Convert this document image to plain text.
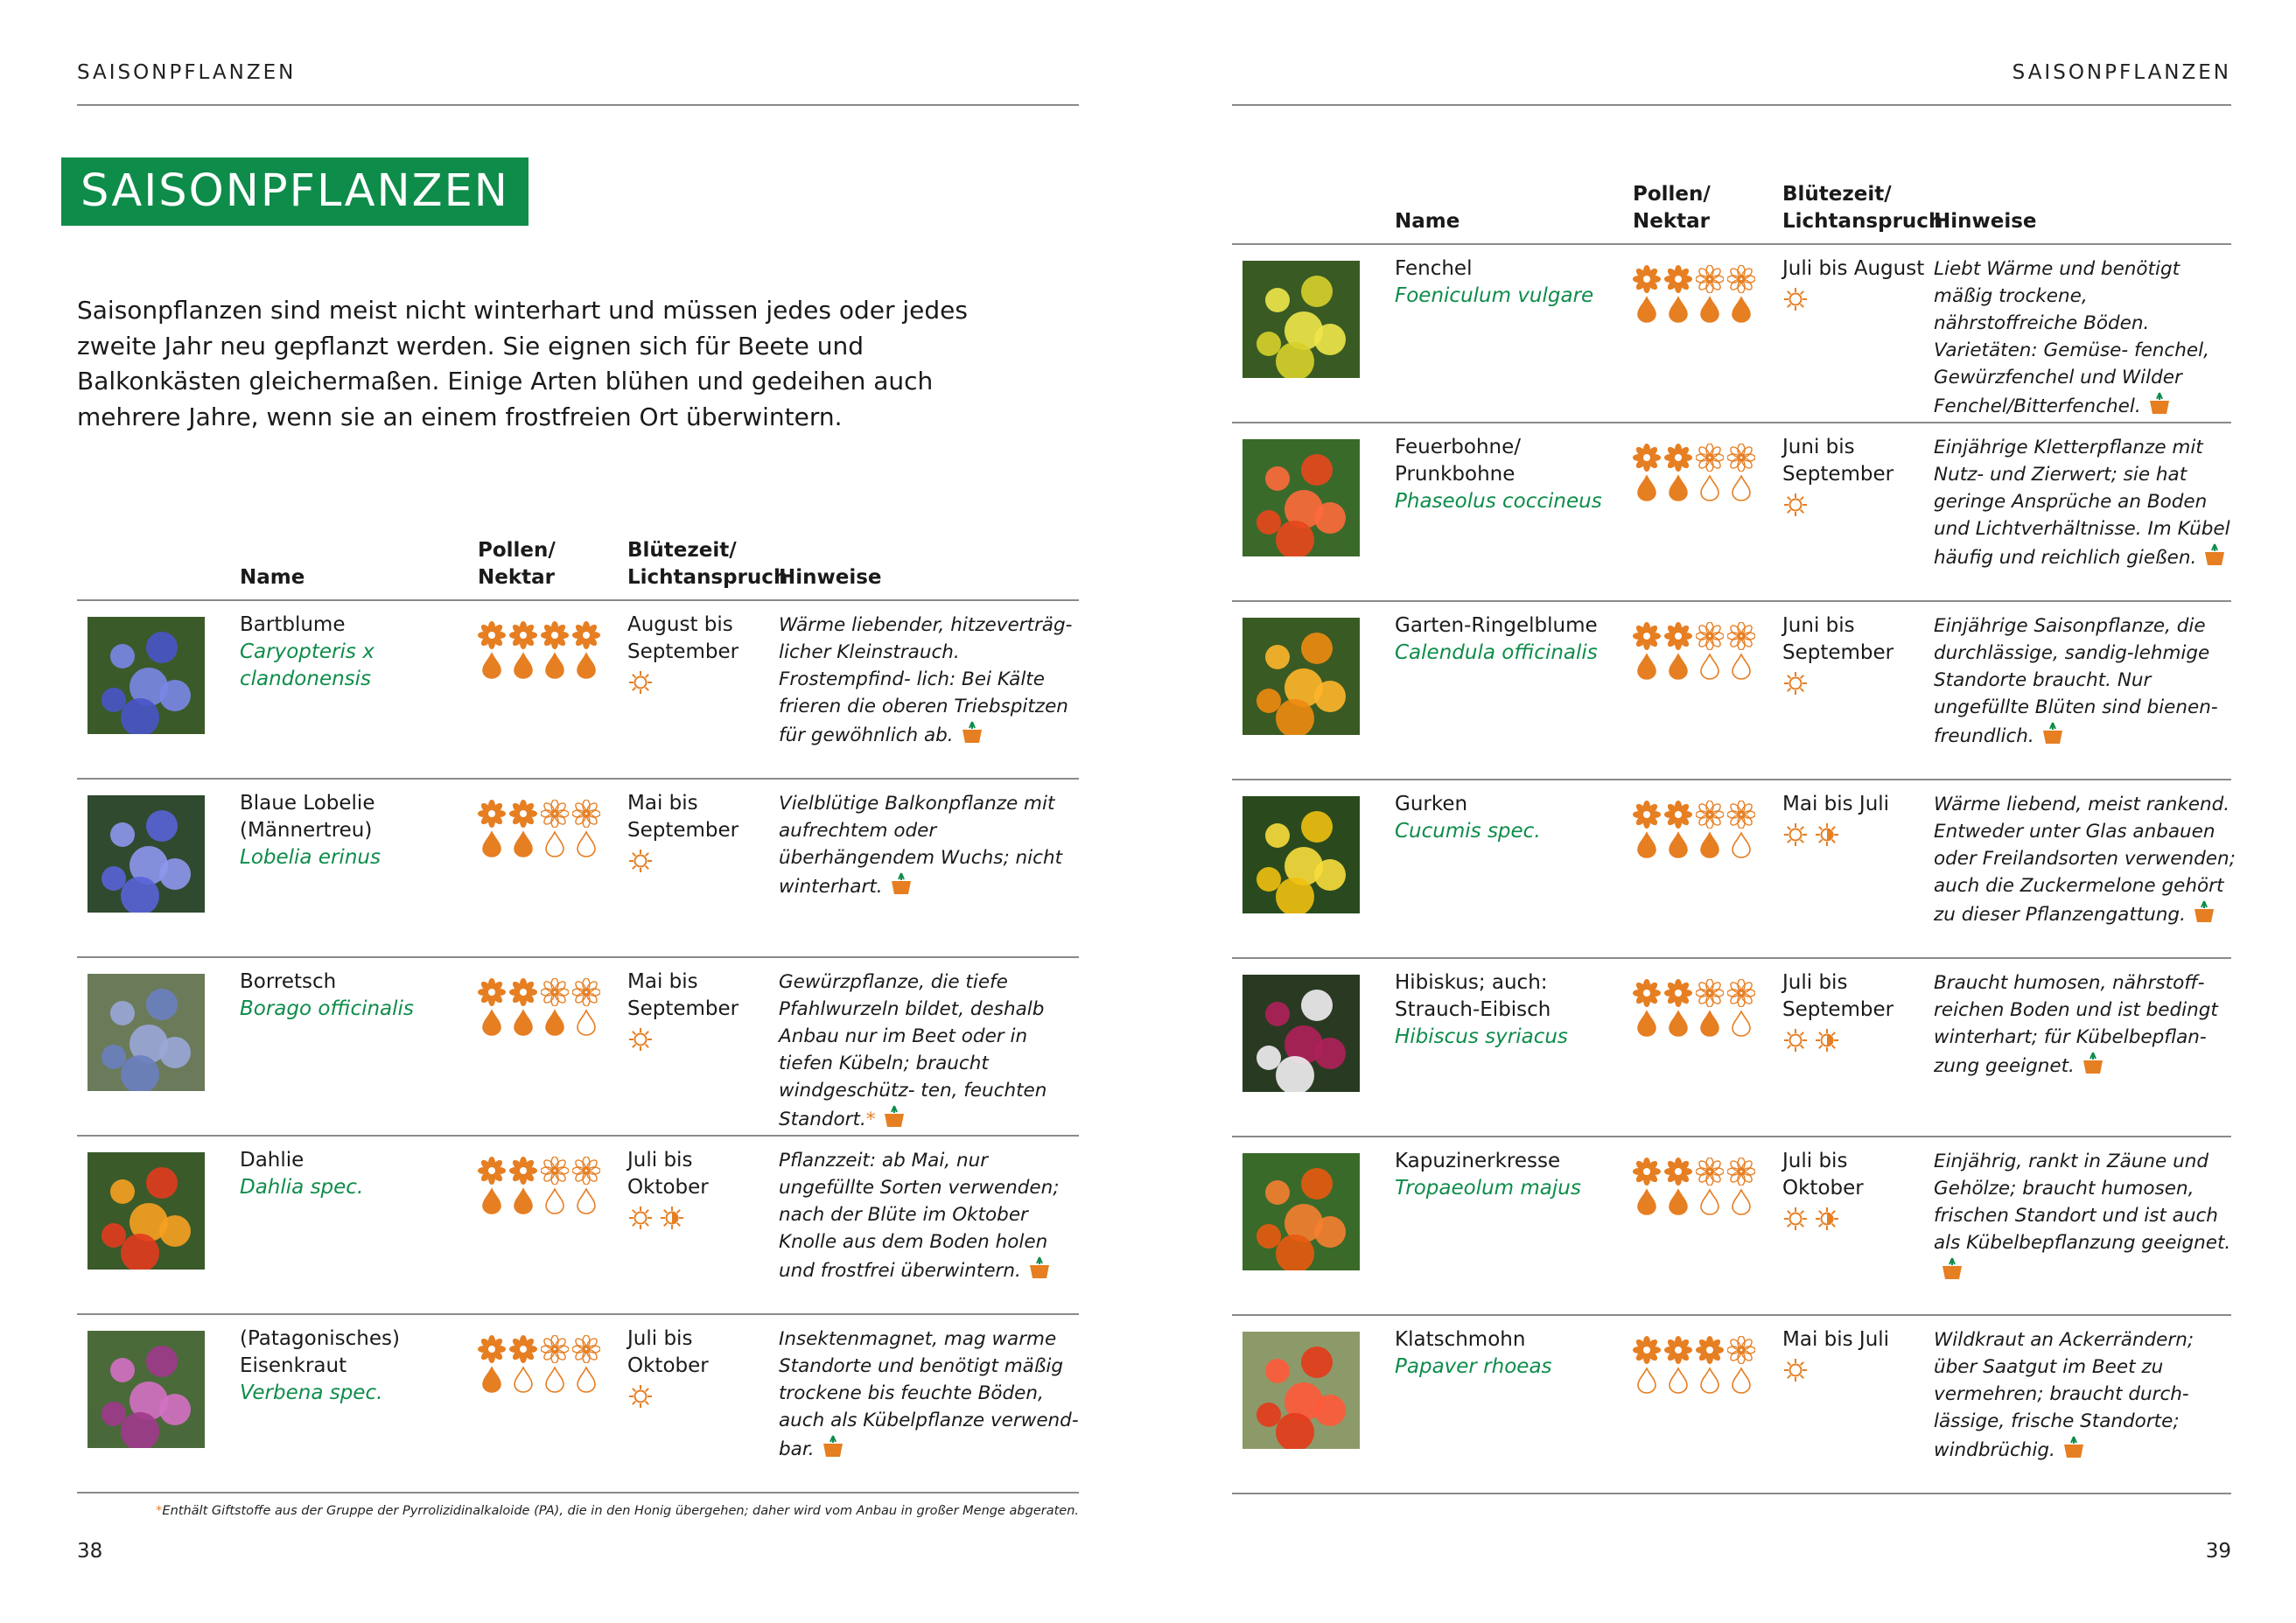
SAISONPFLANZEN
SAISONPFLANZEN

Saisonpflanzen sind meist nicht winterhart und müssen jedes oder jedes zweite Jahr neu gepflanzt werden. Sie eignen sich für Beete und Balkonkästen gleichermaßen. Einige Arten blühen und gedeihen auch mehrere Jahre, wenn sie an einem frostfreien Ort überwintern.

Name
Pollen/
Nektar
Blütezeit/
Lichtanspruch
Hinweise
Bartblume
Caryopteris x clandonensis
August bis September
Wärme liebender, hitzeverträg- licher Kleinstrauch. Frostempfind- lich: Bei Kälte frieren die oberen Triebspitzen für gewöhnlich ab.
Blaue Lobelie (Männertreu)
Lobelia erinus
Mai bis September
Vielblütige Balkonpflanze mit aufrechtem oder überhängendem Wuchs; nicht winterhart.
Borretsch
Borago officinalis
Mai bis September
Gewürzpflanze, die tiefe Pfahlwurzeln bildet, deshalb Anbau nur im Beet oder in tiefen Kübeln; braucht windgeschütz- ten, feuchten Standort.*
Dahlie
Dahlia spec.
Juli bis Oktober
Pflanzzeit: ab Mai, nur ungefüllte Sorten verwenden; nach der Blüte im Oktober Knolle aus dem Boden holen und frostfrei überwintern.
(Patagonisches) Eisenkraut
Verbena spec.
Juli bis Oktober
Insektenmagnet, mag warme Standorte und benötigt mäßig trockene bis feuchte Böden, auch als Kübelpflanze verwend- bar.
*Enthält Giftstoffe aus der Gruppe der Pyrrolizidinalkaloide (PA), die in den Honig übergehen; daher wird vom Anbau in großer Menge abgeraten.
38
SAISONPFLANZEN
Name
Pollen/
Nektar
Blütezeit/
Lichtanspruch
Hinweise
Fenchel
Foeniculum vulgare
Juli bis August Liebt Wärme und benötigt mäßig trockene, nährstoffreiche Böden. Varietäten: Gemüse- fenchel, Gewürzfenchel und Wilder Fenchel/Bitterfenchel.
Feuerbohne/ Prunkbohne
Phaseolus coccineus
Juni bis September
Einjährige Kletterpflanze mit Nutz- und Zierwert; sie hat geringe Ansprüche an Boden und Lichtverhältnisse. Im Kübel häufig und reichlich gießen.
Garten-Ringelblume
Calendula officinalis
Juni bis September
Einjährige Saisonpflanze, die durchlässige, sandig-lehmige Standorte braucht. Nur ungefüllte Blüten sind bienen- freundlich.
Gurken
Cucumis spec.
Mai bis Juli	Wärme liebend, meist rankend. Entweder unter Glas anbauen oder Freilandsorten verwenden; auch die Zuckermelone gehört zu dieser Pflanzengattung.
Hibiskus; auch: Strauch-Eibisch
Hibiscus syriacus
Juli bis September
Braucht humosen, nährstoff- reichen Boden und ist bedingt winterhart; für Kübelbepflan- zung geeignet.
Kapuzinerkresse
Tropaeolum majus
Juli bis Oktober
Einjährig, rankt in Zäune und Gehölze; braucht humosen, frischen Standort und ist auch als Kübelbepflanzung geeignet.
Klatschmohn
Papaver rhoeas
Mai bis Juli	Wildkraut an Ackerrändern; über Saatgut im Beet zu vermehren; braucht durch- lässige, frische Standorte; windbrüchig.
39
